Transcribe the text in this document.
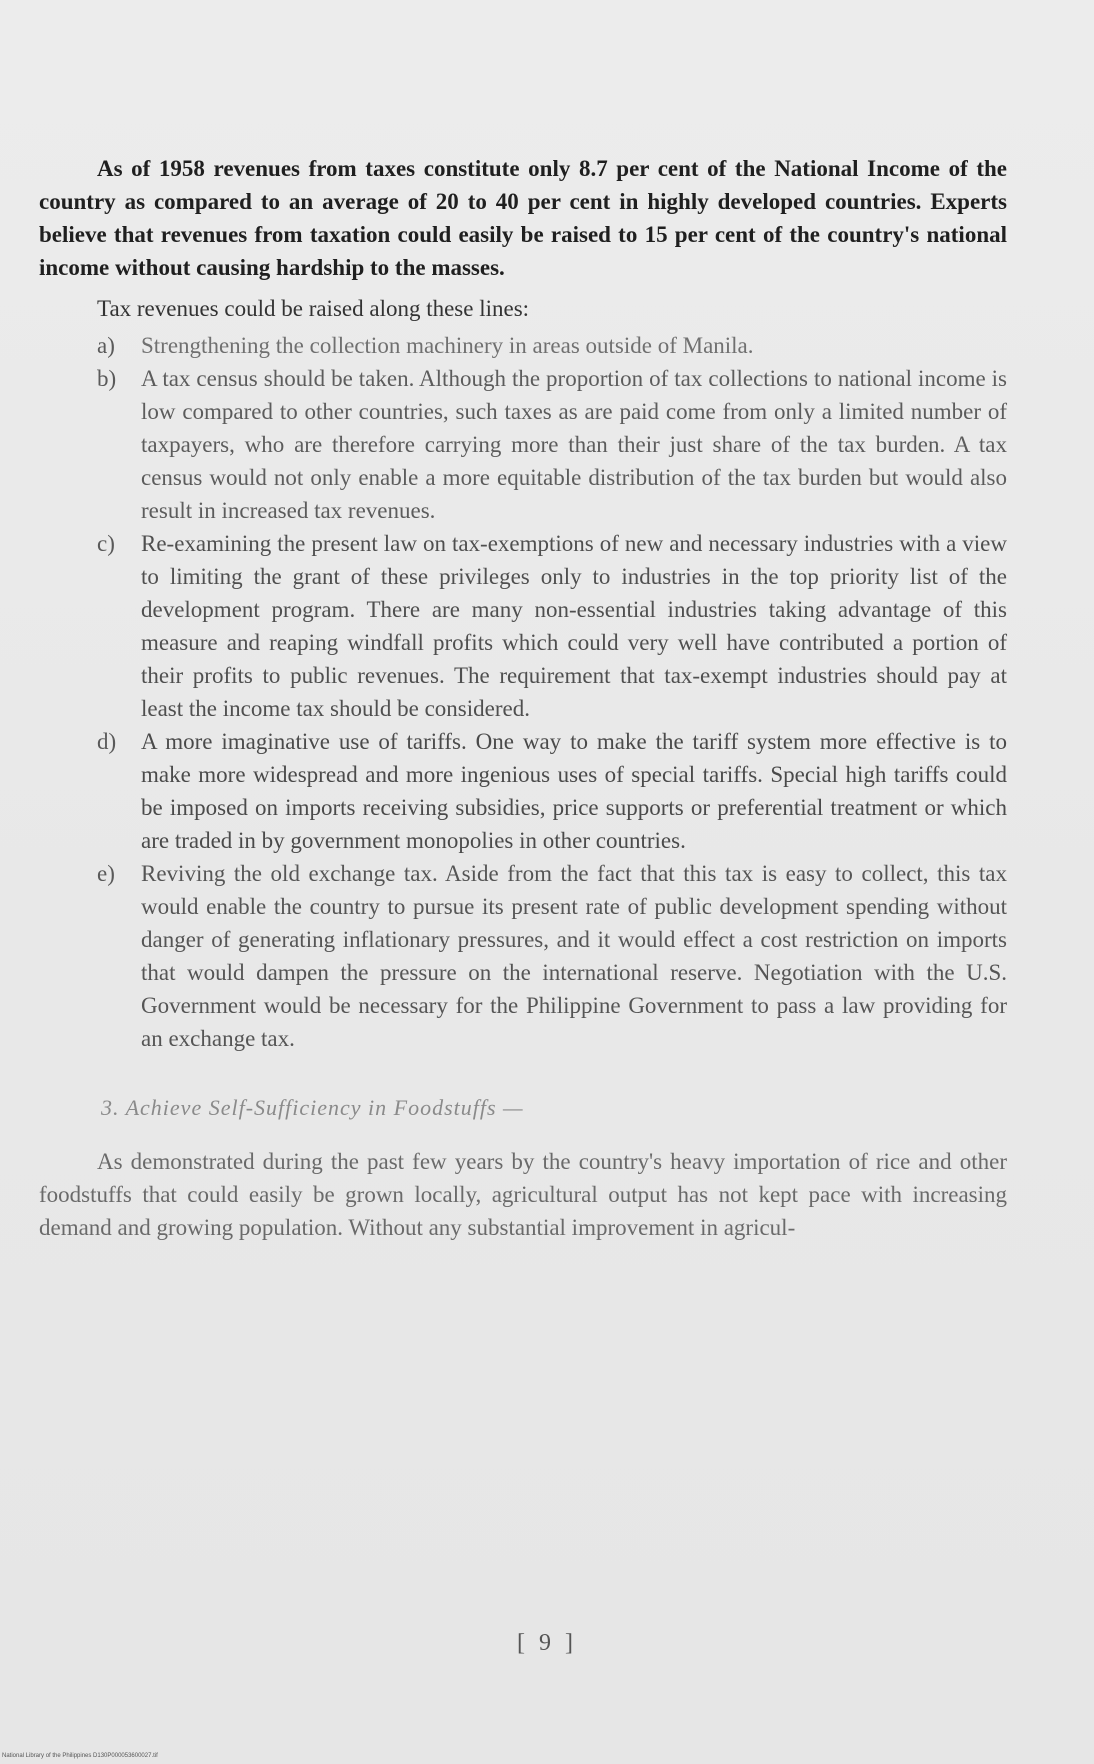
As of 1958 revenues from taxes constitute only 8.7 per cent of the National Income of the country as compared to an average of 20 to 40 per cent in highly developed countries. Experts believe that revenues from taxation could easily be raised to 15 per cent of the country's national income without causing hardship to the masses.

Tax revenues could be raised along these lines:

a)	Strengthening the collection machinery in areas outside of Manila.
b)	A tax census should be taken. Although the proportion of tax collections to national income is low compared to other countries, such taxes as are paid come from only a limited number of taxpayers, who are therefore carrying more than their just share of the tax burden. A tax census would not only enable a more equitable distribution of the tax burden but would also result in increased tax revenues.
c)	Re-examining the present law on tax-exemptions of new and necessary industries with a view to limiting the grant of these privileges only to industries in the top priority list of the development program. There are many non-essential industries taking advantage of this measure and reaping windfall profits which could very well have contributed a portion of their profits to public revenues. The requirement that tax-exempt industries should pay at least the income tax should be considered.
d)	A more imaginative use of tariffs. One way to make the tariff system more effective is to make more widespread and more ingenious uses of special tariffs. Special high tariffs could be imposed on imports receiving subsidies, price supports or preferential treatment or which are traded in by government monopolies in other countries.
e)	Reviving the old exchange tax. Aside from the fact that this tax is easy to collect, this tax would enable the country to pursue its present rate of public development spending without danger of generating inflationary pressures, and it would effect a cost restriction on imports that would dampen the pressure on the international reserve. Negotiation with the U.S. Government would be necessary for the Philippine Government to pass a law providing for an exchange tax.
3. Achieve Self-Sufficiency in Foodstuffs —

As demonstrated during the past few years by the country's heavy importation of rice and other foodstuffs that could easily be grown locally, agricultural output has not kept pace with increasing demand and growing population. Without any substantial improvement in agricul-

[ 9 ]
National Library of the Philippines D130P000053600027.tif
